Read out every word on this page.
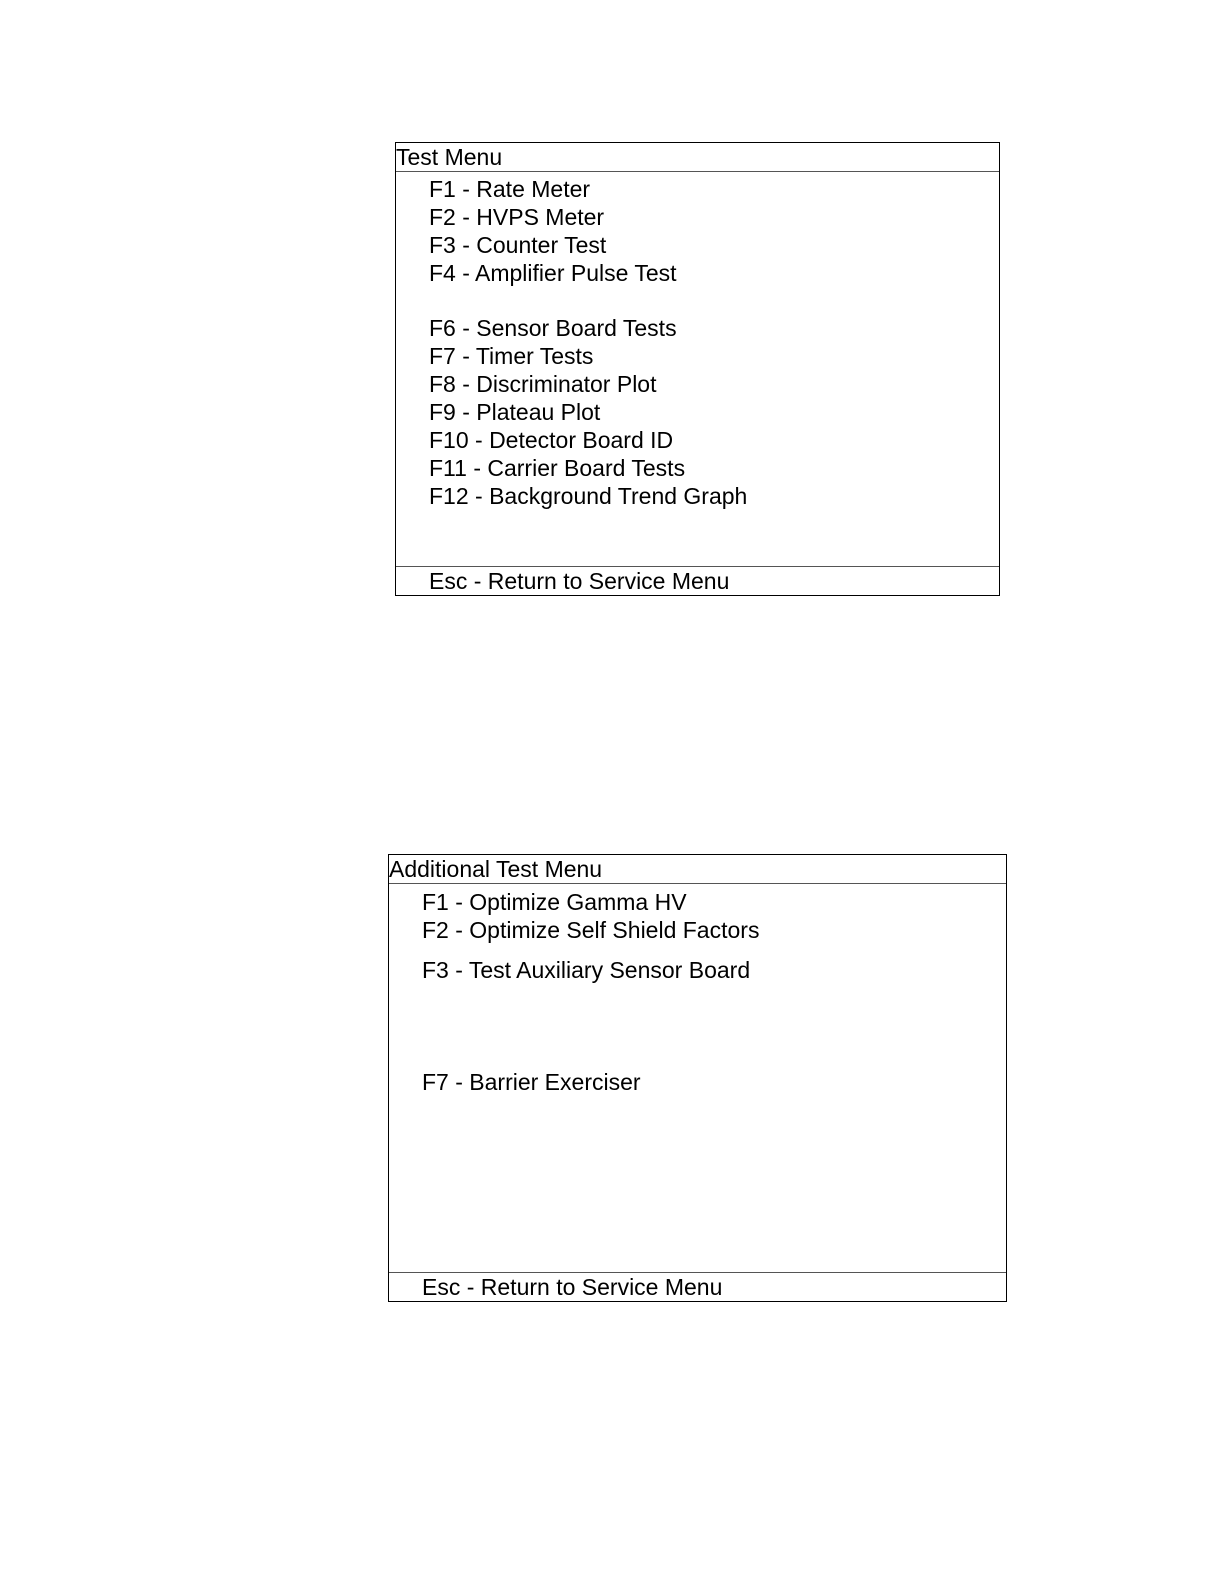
Test Menu
F1 - Rate Meter
F2 - HVPS Meter
F3 - Counter Test
F4 - Amplifier Pulse Test
F6 - Sensor Board Tests
F7 - Timer Tests
F8 - Discriminator Plot
F9 - Plateau Plot
F10 - Detector Board ID
F11 - Carrier Board Tests
F12 - Background Trend Graph
Esc - Return to Service Menu
Additional Test Menu
F1 - Optimize Gamma HV
F2 - Optimize Self Shield Factors
F3 - Test Auxiliary Sensor Board
F7 - Barrier Exerciser
Esc - Return to Service Menu
